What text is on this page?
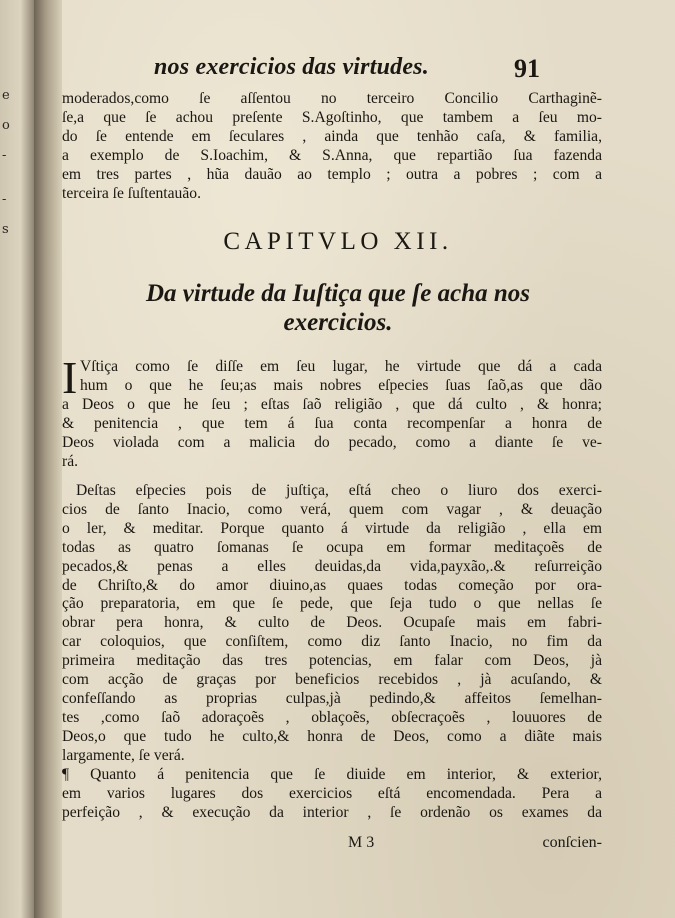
e
o
-
-
s
nos exercicios das virtudes.	91
moderados,como ſe aſſentou no terceiro Concilio Carthaginẽ-
ſe,a que ſe achou preſente S.Agoſtinho, que tambem a ſeu mo-
do ſe entende em ſeculares , ainda que tenhão caſa, & familia,
a exemplo de S.Ioachim, & S.Anna, que repartião ſua fazenda
em tres partes , hũa dauão ao templo ; outra a pobres ; com a
terceira ſe ſuſtentauão.
CAPITVLO XII.
Da virtude da Iuſtiça que ſe acha nos
exercicios.
I Vſtiça como ſe diſſe em ſeu lugar, he virtude que dá a cada
hum o que he ſeu;as mais nobres eſpecies ſuas ſaõ,as que dão
a Deos o que he ſeu ; eſtas ſaõ religião , que dá culto , & honra;
& penitencia , que tem á ſua conta recompenſar a honra de
Deos violada com a malicia do pecado, como a diante ſe ve-
rá.
Deſtas eſpecies pois de juſtiça, eſtá cheo o liuro dos exerci-
cios de ſanto Inacio, como verá, quem com vagar , & deuação
o ler, & meditar. Porque quanto á virtude da religião , ella em
todas as quatro ſomanas ſe ocupa em formar meditaçoẽs de
pecados,& penas a elles deuidas,da vida,payxão,.& reſurreição
de Chriſto,& do amor diuino,as quaes todas começão por ora-
ção preparatoria, em que ſe pede, que ſeja tudo o que nellas ſe
obrar pera honra, & culto de Deos. Ocupaſe mais em fabri-
car coloquios, que conſiſtem, como diz ſanto Inacio, no fim da
primeira meditação das tres potencias, em falar com Deos, jà
com acção de graças por beneficios recebidos , jà acuſando, &
confeſſando as proprias culpas,jà pedindo,& affeitos ſemelhan-
tes ,como ſaõ adoraçoẽs , oblaçoẽs, obſecraçoẽs , louuores de
Deos,o que tudo he culto,& honra de Deos, como a diãte mais
largamente, ſe verá.
¶ Quanto á penitencia que ſe diuide em interior, & exterior,
em varios lugares dos exercicios eſtá encomendada. Pera a
perfeição , & execução da interior , ſe ordenão os exames da
M 3	conſcien-
